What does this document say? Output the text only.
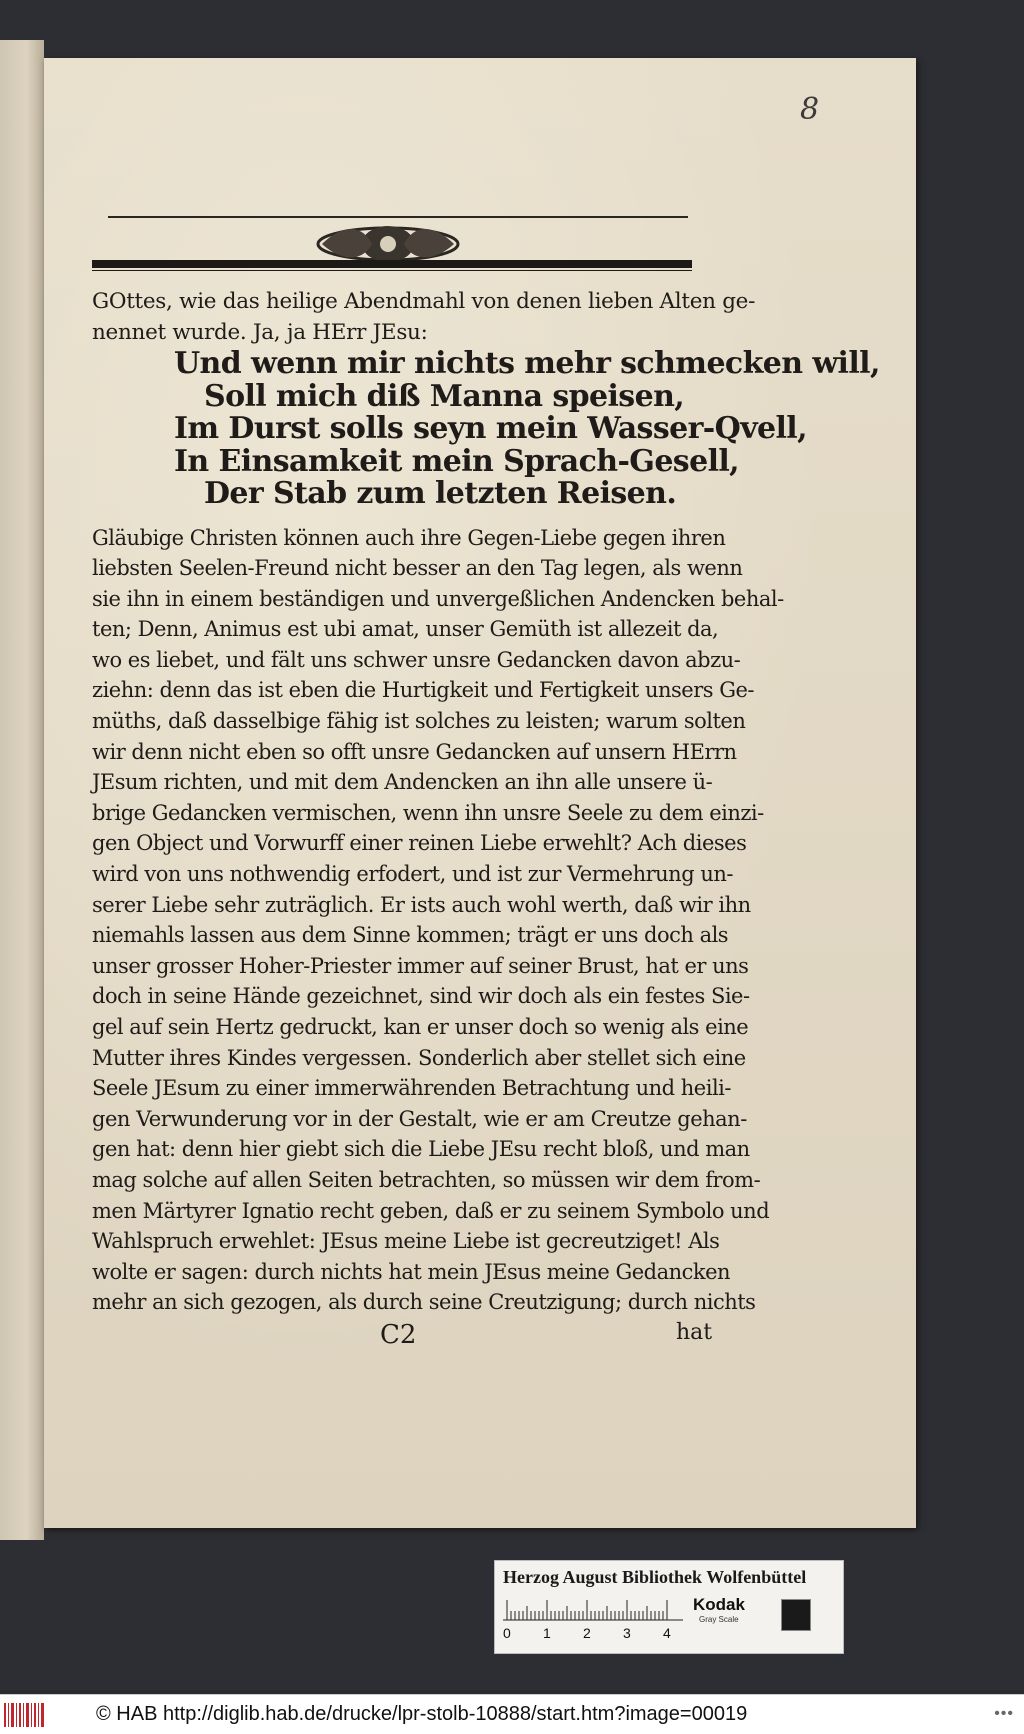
8
GOttes, wie das heilige Abendmahl von denen lieben Alten ge-
nennet wurde. Ja, ja HErr JEsu:
Und wenn mir nichts mehr schmecken will,
Soll mich diß Manna speisen,
Im Durst solls seyn mein Wasser-Qvell,
In Einsamkeit mein Sprach-Gesell,
Der Stab zum letzten Reisen.
Gläubige Christen können auch ihre Gegen-Liebe gegen ihren
liebsten Seelen-Freund nicht besser an den Tag legen, als wenn
sie ihn in einem beständigen und unvergeßlichen Andencken behal-
ten; Denn, Animus est ubi amat, unser Gemüth ist allezeit da,
wo es liebet, und fält uns schwer unsre Gedancken davon abzu-
ziehn: denn das ist eben die Hurtigkeit und Fertigkeit unsers Ge-
müths, daß dasselbige fähig ist solches zu leisten; warum solten
wir denn nicht eben so offt unsre Gedancken auf unsern HErrn
JEsum richten, und mit dem Andencken an ihn alle unsere ü-
brige Gedancken vermischen, wenn ihn unsre Seele zu dem einzi-
gen Object und Vorwurff einer reinen Liebe erwehlt? Ach dieses
wird von uns nothwendig erfodert, und ist zur Vermehrung un-
serer Liebe sehr zuträglich. Er ists auch wohl werth, daß wir ihn
niemahls lassen aus dem Sinne kommen; trägt er uns doch als
unser grosser Hoher-Priester immer auf seiner Brust, hat er uns
doch in seine Hände gezeichnet, sind wir doch als ein festes Sie-
gel auf sein Hertz gedruckt, kan er unser doch so wenig als eine
Mutter ihres Kindes vergessen. Sonderlich aber stellet sich eine
Seele JEsum zu einer immerwährenden Betrachtung und heili-
gen Verwunderung vor in der Gestalt, wie er am Creutze gehan-
gen hat: denn hier giebt sich die Liebe JEsu recht bloß, und man
mag solche auf allen Seiten betrachten, so müssen wir dem from-
men Märtyrer Ignatio recht geben, daß er zu seinem Symbolo und
Wahlspruch erwehlet: JEsus meine Liebe ist gecreutziget! Als
wolte er sagen: durch nichts hat mein JEsus meine Gedancken
mehr an sich gezogen, als durch seine Creutzigung; durch nichts
C2	hat
Herzog August Bibliothek Wolfenbüttel
0 1 2 3 4
Kodak
Gray Scale
© HAB http://diglib.hab.de/drucke/lpr-stolb-10888/start.htm?image=00019	•••
